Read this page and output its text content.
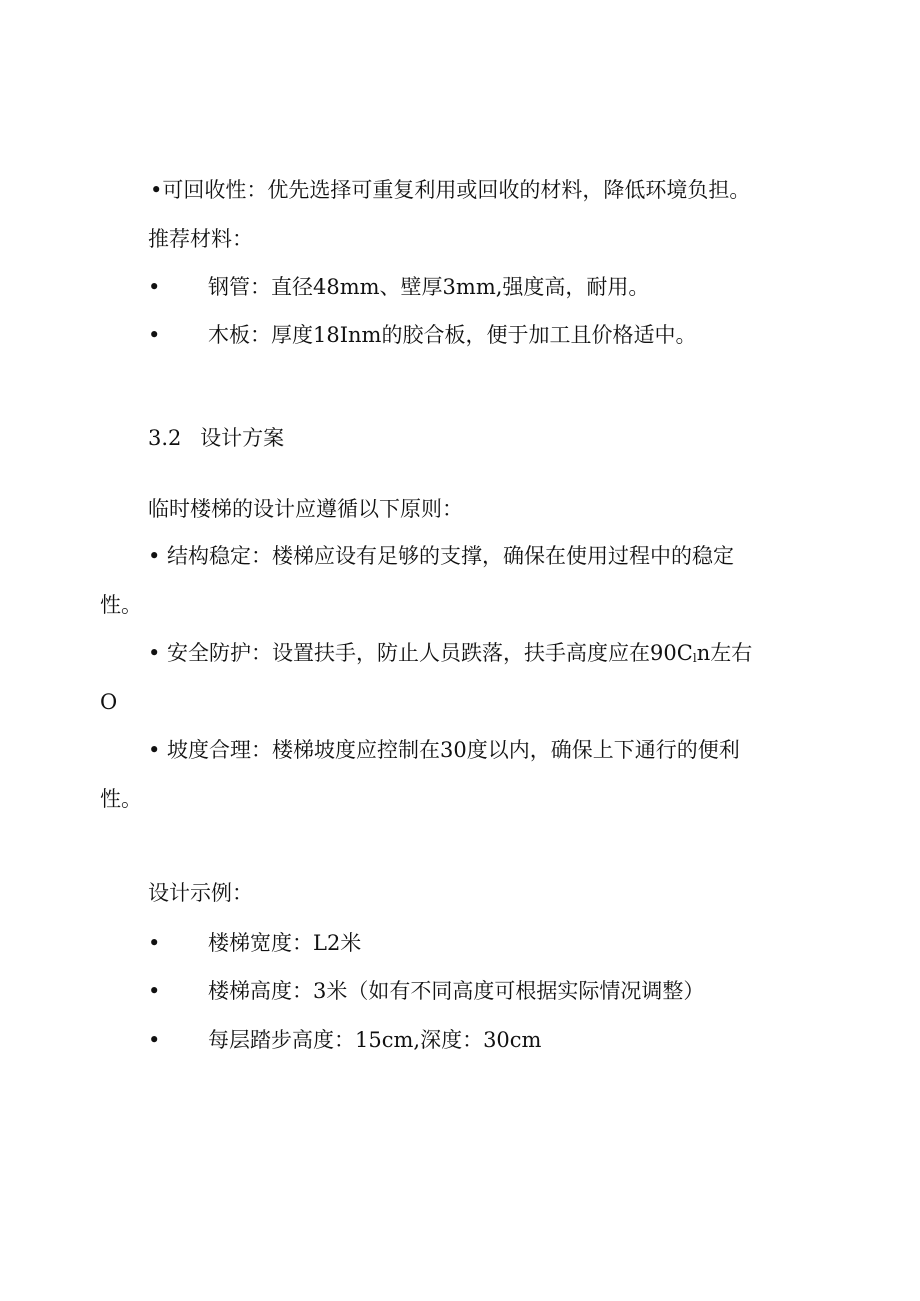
•可回收性：优先选择可重复利用或回收的材料，降低环境负担。
推荐材料：
• 钢管：直径48mm、壁厚3mm,强度高，耐用。
• 木板：厚度18Inm的胶合板，便于加工且价格适中。
3.2 设计方案
临时楼梯的设计应遵循以下原则：
• 结构稳定：楼梯应设有足够的支撑，确保在使用过程中的稳定
性。
• 安全防护：设置扶手，防止人员跌落，扶手高度应在$90C_ln$左右
O
• 坡度合理：楼梯坡度应控制在30度以内，确保上下通行的便利
性。
设计示例：
• 楼梯宽度：L2米
• 楼梯高度：3米（如有不同高度可根据实际情况调整）
• 每层踏步高度：15cm,深度：30cm
